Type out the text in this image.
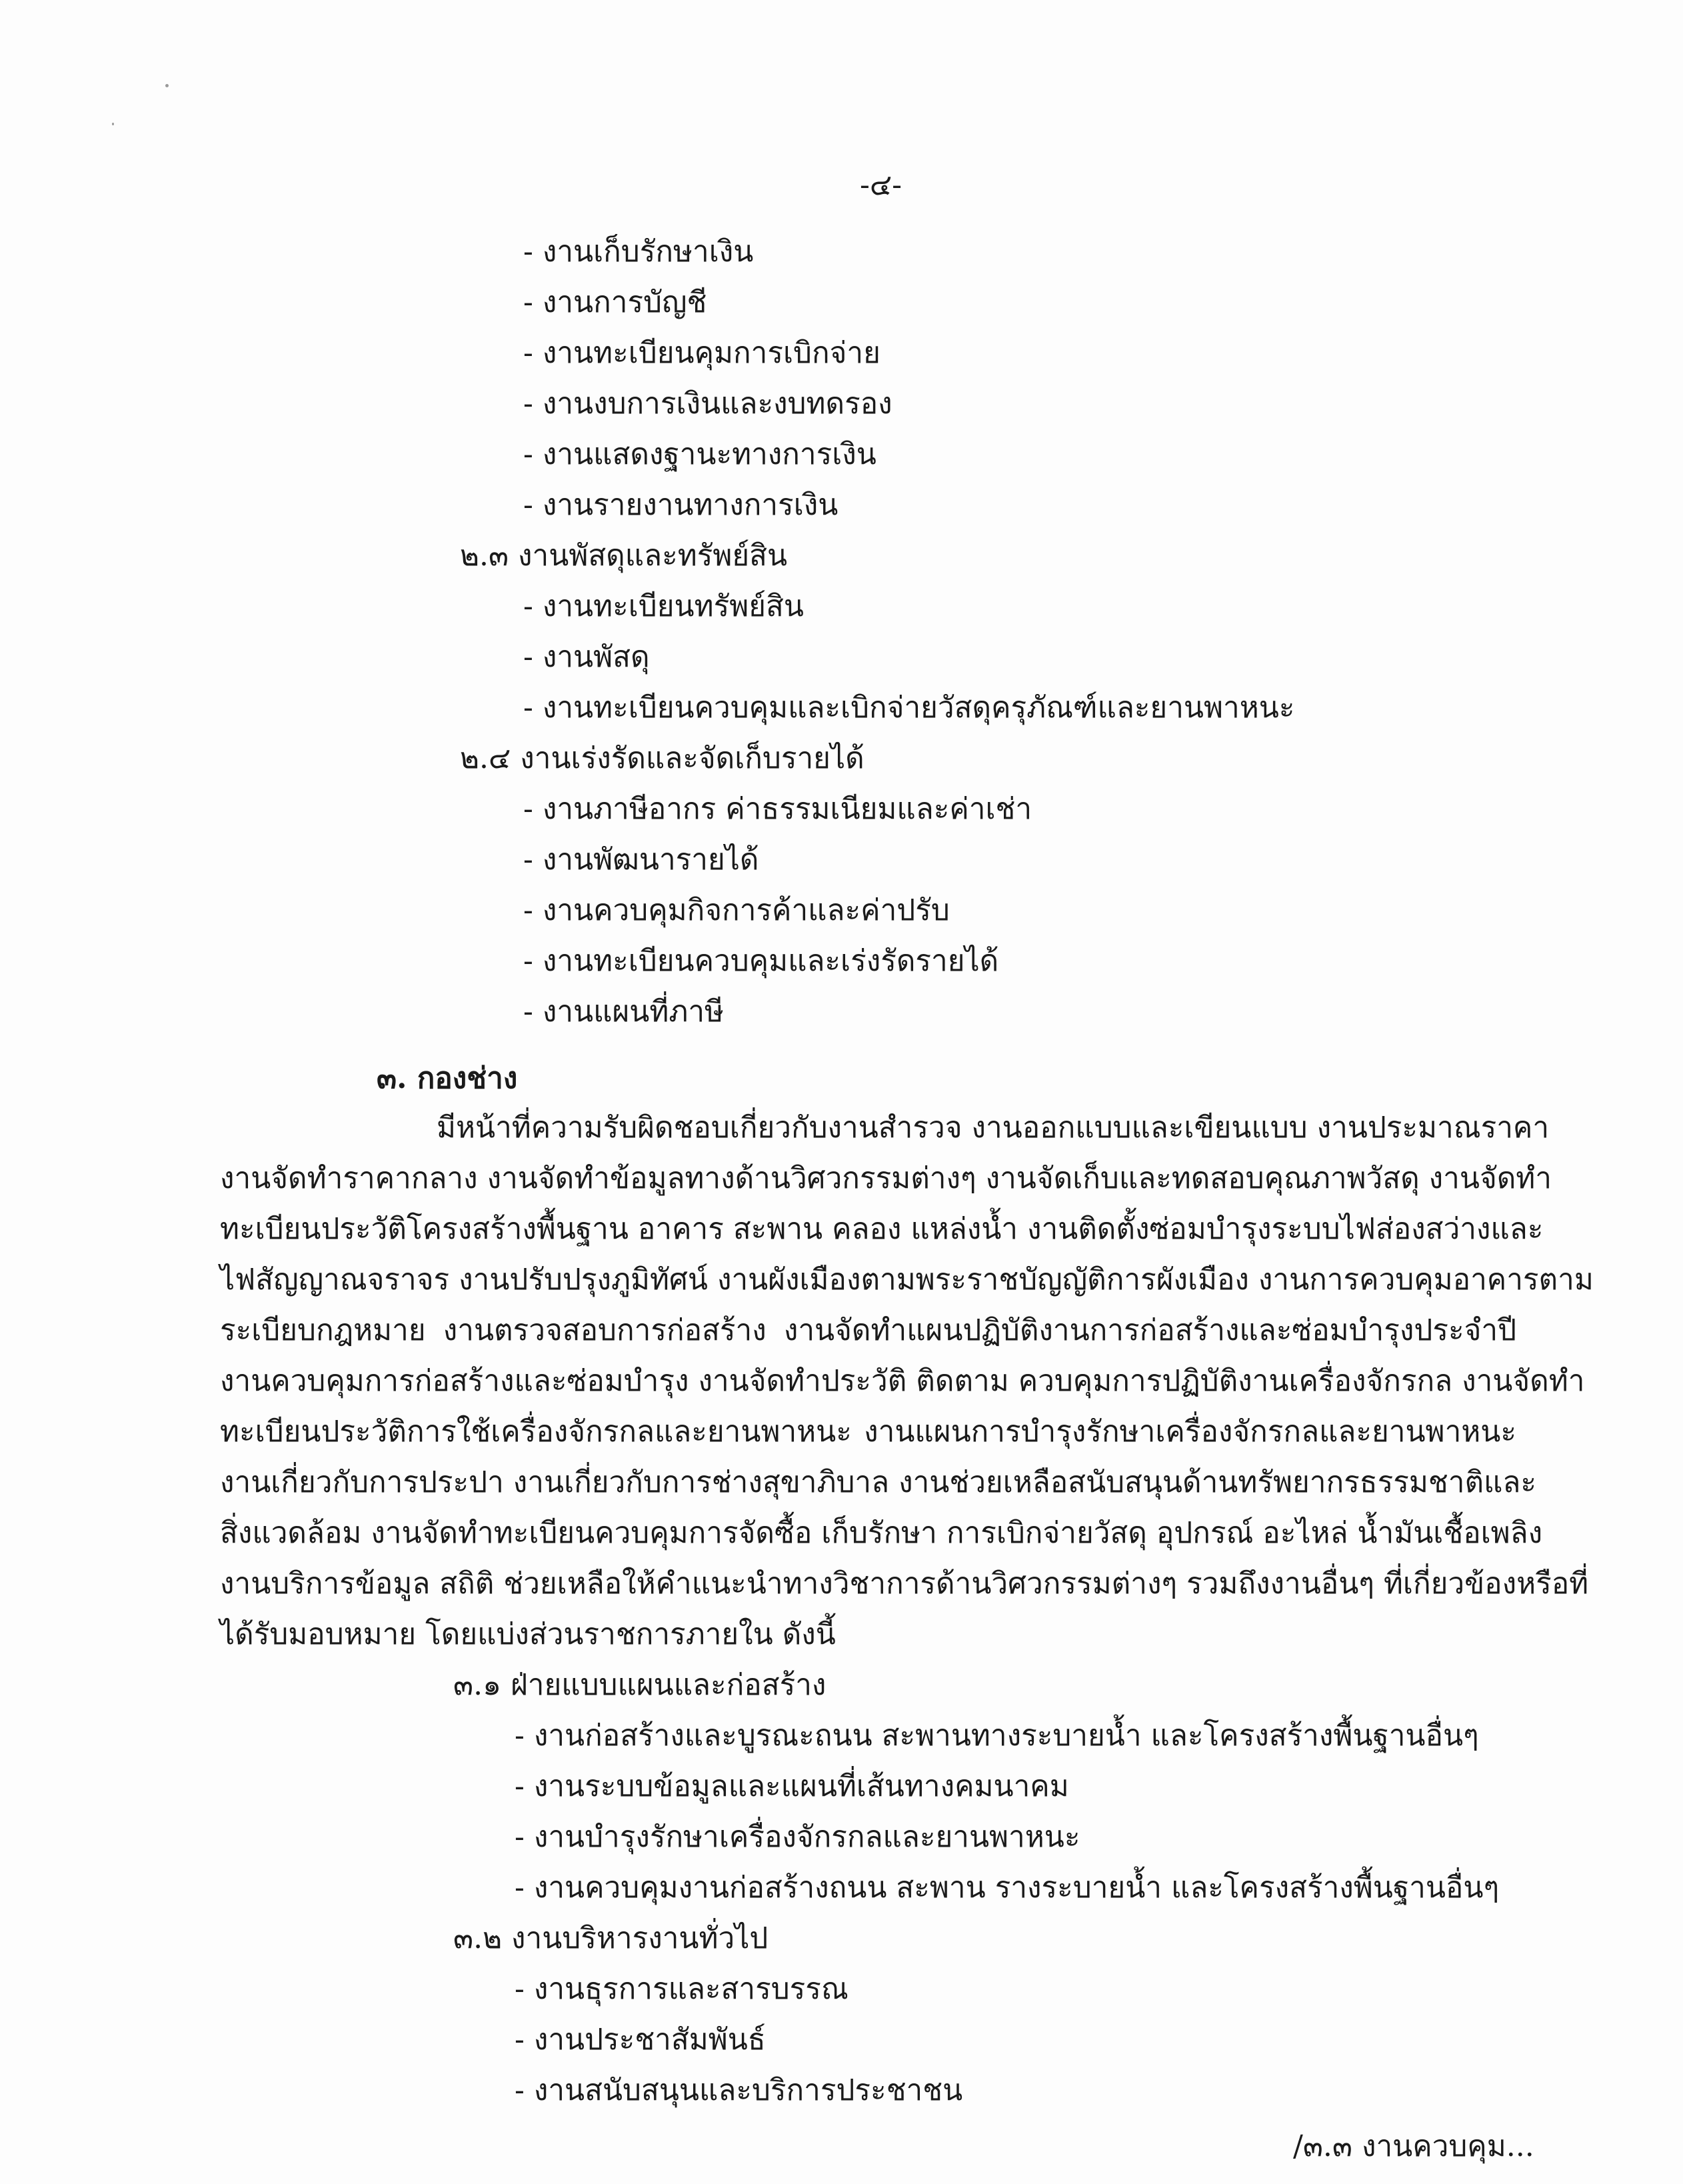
-๔-
- งานเก็บรักษาเงิน
- งานการบัญชี
- งานทะเบียนคุมการเบิกจ่าย
- งานงบการเงินและงบทดรอง
- งานแสดงฐานะทางการเงิน
- งานรายงานทางการเงิน
๒.๓ งานพัสดุและทรัพย์สิน
- งานทะเบียนทรัพย์สิน
- งานพัสดุ
- งานทะเบียนควบคุมและเบิกจ่ายวัสดุครุภัณฑ์และยานพาหนะ
๒.๔ งานเร่งรัดและจัดเก็บรายได้
- งานภาษีอากร ค่าธรรมเนียมและค่าเช่า
- งานพัฒนารายได้
- งานควบคุมกิจการค้าและค่าปรับ
- งานทะเบียนควบคุมและเร่งรัดรายได้
- งานแผนที่ภาษี
๓. กองช่าง
มีหน้าที่ความรับผิดชอบเกี่ยวกับงานสำรวจ งานออกแบบและเขียนแบบ งานประมาณราคา
งานจัดทำราคากลาง งานจัดทำข้อมูลทางด้านวิศวกรรมต่างๆ งานจัดเก็บและทดสอบคุณภาพวัสดุ งานจัดทำ
ทะเบียนประวัติโครงสร้างพื้นฐาน อาคาร สะพาน คลอง แหล่งน้ำ งานติดตั้งซ่อมบำรุงระบบไฟส่องสว่างและ
ไฟสัญญาณจราจร งานปรับปรุงภูมิทัศน์ งานผังเมืองตามพระราชบัญญัติการผังเมือง งานการควบคุมอาคารตาม
ระเบียบกฎหมาย งานตรวจสอบการก่อสร้าง งานจัดทำแผนปฏิบัติงานการก่อสร้างและซ่อมบำรุงประจำปี
งานควบคุมการก่อสร้างและซ่อมบำรุง งานจัดทำประวัติ ติดตาม ควบคุมการปฏิบัติงานเครื่องจักรกล งานจัดทำ
ทะเบียนประวัติการใช้เครื่องจักรกลและยานพาหนะ งานแผนการบำรุงรักษาเครื่องจักรกลและยานพาหนะ
งานเกี่ยวกับการประปา งานเกี่ยวกับการช่างสุขาภิบาล งานช่วยเหลือสนับสนุนด้านทรัพยากรธรรมชาติและ
สิ่งแวดล้อม งานจัดทำทะเบียนควบคุมการจัดซื้อ เก็บรักษา การเบิกจ่ายวัสดุ อุปกรณ์ อะไหล่ น้ำมันเชื้อเพลิง
งานบริการข้อมูล สถิติ ช่วยเหลือให้คำแนะนำทางวิชาการด้านวิศวกรรมต่างๆ รวมถึงงานอื่นๆ ที่เกี่ยวข้องหรือที่
ได้รับมอบหมาย โดยแบ่งส่วนราชการภายใน ดังนี้
๓.๑ ฝ่ายแบบแผนและก่อสร้าง
- งานก่อสร้างและบูรณะถนน สะพานทางระบายน้ำ และโครงสร้างพื้นฐานอื่นๆ
- งานระบบข้อมูลและแผนที่เส้นทางคมนาคม
- งานบำรุงรักษาเครื่องจักรกลและยานพาหนะ
- งานควบคุมงานก่อสร้างถนน สะพาน รางระบายน้ำ และโครงสร้างพื้นฐานอื่นๆ
๓.๒ งานบริหารงานทั่วไป
- งานธุรการและสารบรรณ
- งานประชาสัมพันธ์
- งานสนับสนุนและบริการประชาชน
/๓.๓ งานควบคุม...
